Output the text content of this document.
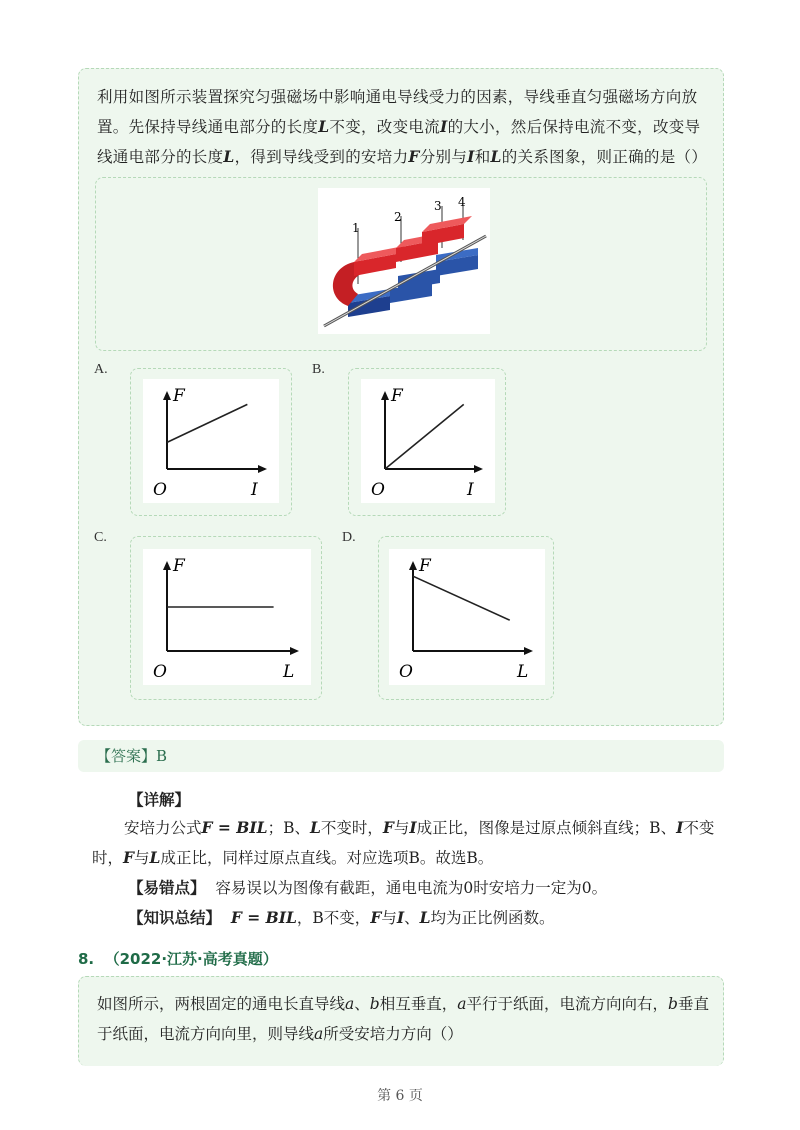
利用如图所示装置探究匀强磁场中影响通电导线受力的因素，导线垂直匀强磁场方向放
置。先保持导线通电部分的长度L不变，改变电流I的大小，然后保持电流不变，改变导
线通电部分的长度L，得到导线受到的安培力F分别与I和L的关系图象，则正确的是（）
1
2
3 4
A.
F
I
O
B.
F
I
O
C.
F
L
O
D.
F
L
O
【答案】B
【详解】
安培力公式F = BIL；B、L不变时，F与I成正比，图像是过原点倾斜直线；B、I不变
时，F与L成正比，同样过原点直线。对应选项B。故选B。
【易错点】 容易误以为图像有截距，通电电流为0时安培力一定为0。
【知识总结】 F = BIL，B不变，F与I、L均为正比例函数。
8. （2022·江苏·高考真题）
如图所示，两根固定的通电长直导线a、b相互垂直，a平行于纸面，电流方向向右，b垂直
于纸面，电流方向向里，则导线a所受安培力方向（）
第 6 页
